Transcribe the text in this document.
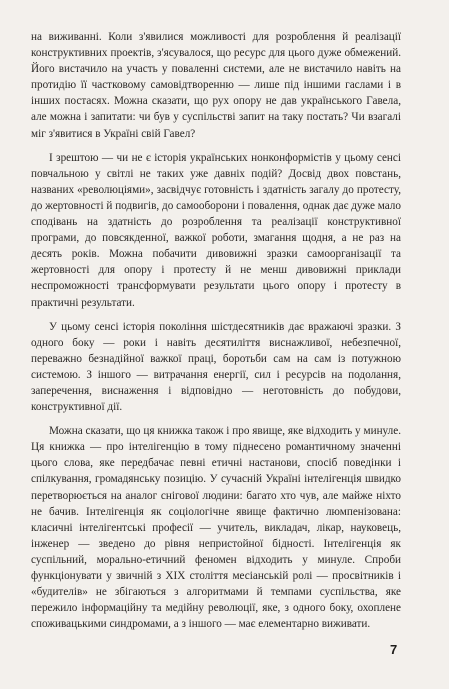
на виживанні. Коли з'явилися можливості для розроблення й реалізації конструктивних проектів, з'ясувалося, що ресурс для цього дуже обмежений. Його вистачило на участь у поваленні системи, але не вистачило навіть на протидію її частковому самовідтворенню — лише під іншими гаслами і в інших постасях. Можна сказати, що рух опору не дав українського Гавела, але можна і запитати: чи був у суспільстві запит на таку постать? Чи взагалі міг з'явитися в Україні свій Гавел?

І зрештою — чи не є історія українських нонконформістів у цьому сенсі повчальною у світлі не таких уже давніх подій? Досвід двох повстань, названих «революціями», засвідчує готовність і здатність загалу до протесту, до жертовності й подвигів, до самооборони і повалення, однак дає дуже мало сподівань на здатність до розроблення та реалізації конструктивної програми, до повсякденної, важкої роботи, змагання щодня, а не раз на десять років. Можна побачити дивовижні зразки самоорганізації та жертовності для опору і протесту й не менш дивовижні приклади неспроможності трансформувати результати цього опору і протесту в практичні результати.

У цьому сенсі історія покоління шістдесятників дає вражаючі зразки. З одного боку — роки і навіть десятиліття виснажливої, небезпечної, переважно безнадійної важкої праці, боротьби сам на сам із потужною системою. З іншого — витрачання енергії, сил і ресурсів на подолання, заперечення, виснаження і відповідно — неготовність до побудови, конструктивної дії.

Можна сказати, що ця книжка також і про явище, яке відходить у минуле. Ця книжка — про інтелігенцію в тому піднесено романтичному значенні цього слова, яке передбачає певні етичні настанови, спосіб поведінки і спілкування, громадянську позицію. У сучасній Україні інтелігенція швидко перетворюється на аналог снігової людини: багато хто чув, але майже ніхто не бачив. Інтелігенція як соціологічне явище фактично люмпенізована: класичні інтелігентські професії — учитель, викладач, лікар, науковець, інженер — зведено до рівня непристойної бідності. Інтелігенція як суспільний, морально-етичний феномен відходить у минуле. Спроби функціонувати у звичній з XIX століття месіанській ролі — просвітників і «будителів» не збігаються з алгоритмами й темпами суспільства, яке пережило інформаційну та медійну революції, яке, з одного боку, охоплене споживацькими синдромами, а з іншого — має елементарно виживати.

7
